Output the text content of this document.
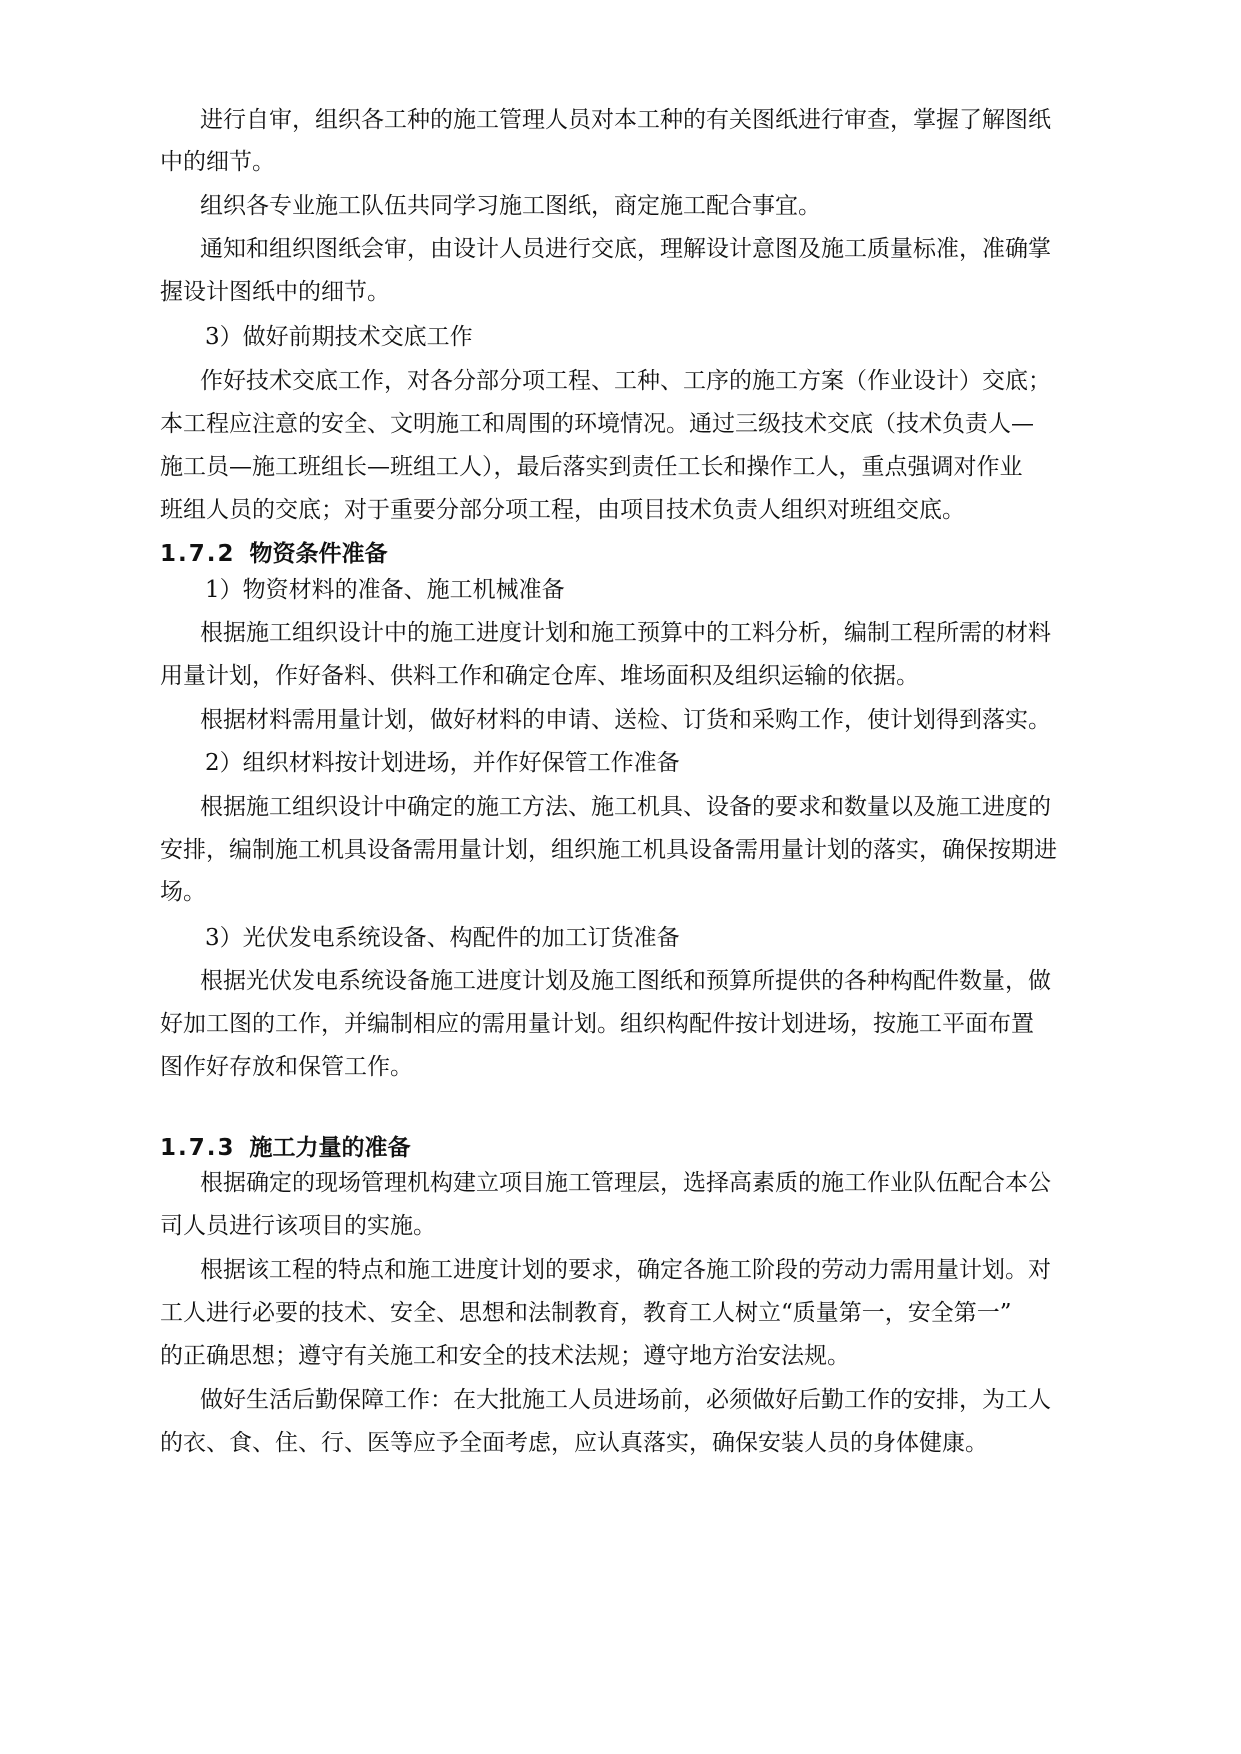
进行自审，组织各工种的施工管理人员对本工种的有关图纸进行审查，掌握了解图纸
中的细节。
组织各专业施工队伍共同学习施工图纸，商定施工配合事宜。
通知和组织图纸会审，由设计人员进行交底，理解设计意图及施工质量标准，准确掌
握设计图纸中的细节。
3）做好前期技术交底工作
作好技术交底工作，对各分部分项工程、工种、工序的施工方案（作业设计）交底；
本工程应注意的安全、文明施工和周围的环境情况。通过三级技术交底（技术负责人—
施工员—施工班组长—班组工人），最后落实到责任工长和操作工人，重点强调对作业
班组人员的交底；对于重要分部分项工程，由项目技术负责人组织对班组交底。
1.7.2 物资条件准备
1）物资材料的准备、施工机械准备
根据施工组织设计中的施工进度计划和施工预算中的工料分析，编制工程所需的材料
用量计划，作好备料、供料工作和确定仓库、堆场面积及组织运输的依据。
根据材料需用量计划，做好材料的申请、送检、订货和采购工作，使计划得到落实。
2）组织材料按计划进场，并作好保管工作准备
根据施工组织设计中确定的施工方法、施工机具、设备的要求和数量以及施工进度的
安排，编制施工机具设备需用量计划，组织施工机具设备需用量计划的落实，确保按期进
场。
3）光伏发电系统设备、构配件的加工订货准备
根据光伏发电系统设备施工进度计划及施工图纸和预算所提供的各种构配件数量，做
好加工图的工作，并编制相应的需用量计划。组织构配件按计划进场，按施工平面布置
图作好存放和保管工作。
1.7.3 施工力量的准备
根据确定的现场管理机构建立项目施工管理层，选择高素质的施工作业队伍配合本公
司人员进行该项目的实施。
根据该工程的特点和施工进度计划的要求，确定各施工阶段的劳动力需用量计划。对
工人进行必要的技术、安全、思想和法制教育，教育工人树立“质量第一，安全第一”
的正确思想；遵守有关施工和安全的技术法规；遵守地方治安法规。
做好生活后勤保障工作：在大批施工人员进场前，必须做好后勤工作的安排，为工人
的衣、食、住、行、医等应予全面考虑，应认真落实，确保安装人员的身体健康。
